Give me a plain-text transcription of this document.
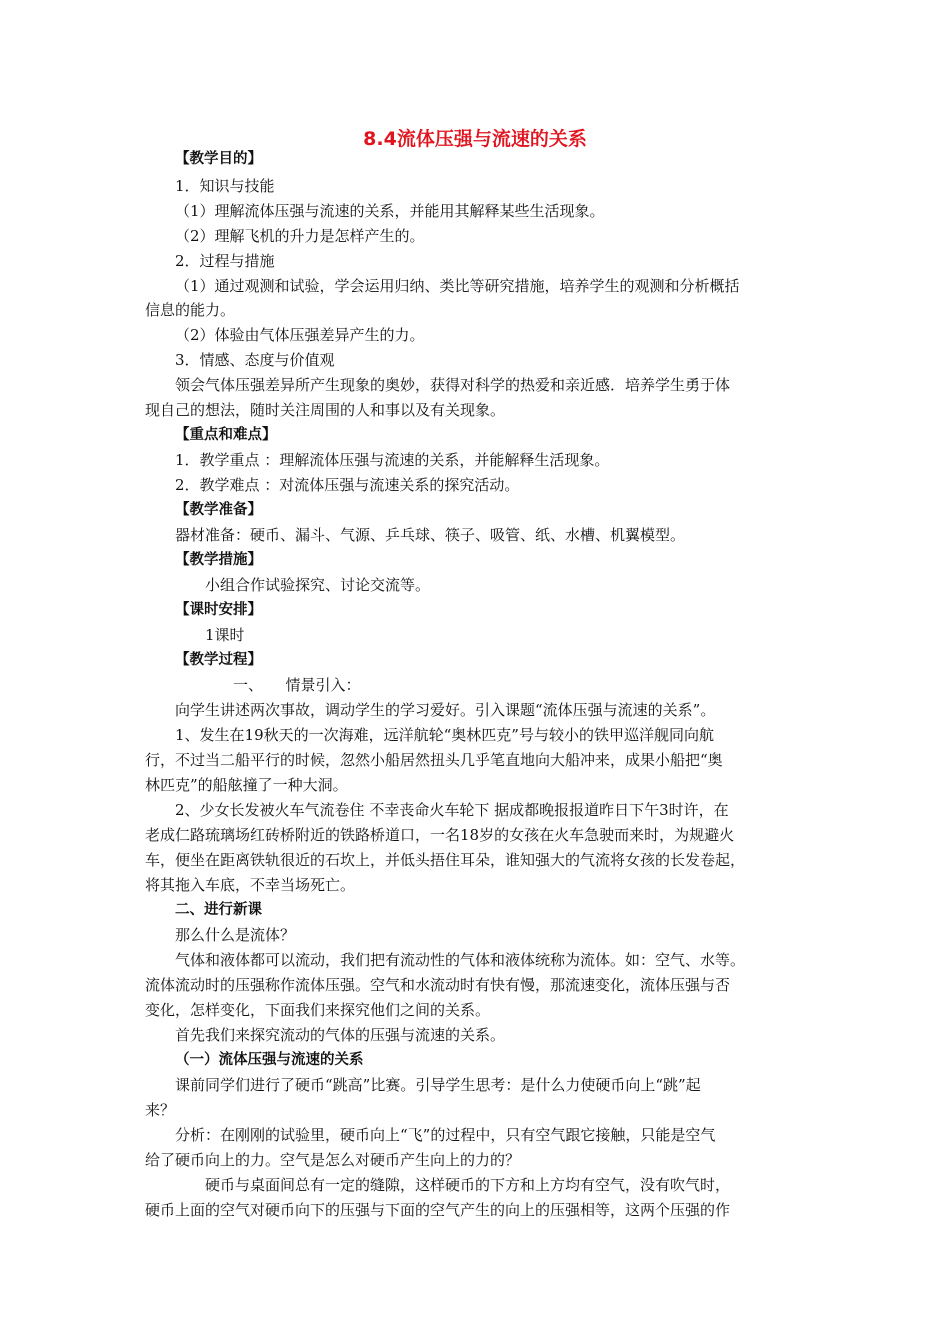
8.4流体压强与流速的关系

【教学目的】

1．知识与技能

（1）理解流体压强与流速的关系，并能用其解释某些生活现象。

（2）理解飞机的升力是怎样产生的。

2．过程与措施

（1）通过观测和试验，学会运用归纳、类比等研究措施，培养学生的观测和分析概括

信息的能力。

（2）体验由气体压强差异产生的力。

3．情感、态度与价值观

领会气体压强差异所产生现象的奥妙，获得对科学的热爱和亲近感．培养学生勇于体

现自己的想法，随时关注周围的人和事以及有关现象。

【重点和难点】

1．教学重点 ：理解流体压强与流速的关系，并能解释生活现象。

2．教学难点 ：对流体压强与流速关系的探究活动。

【教学准备】

器材准备：硬币、漏斗、气源、乒乓球、筷子、吸管、纸、水槽、机翼模型。

【教学措施】

小组合作试验探究、讨论交流等。

【课时安排】

1课时

【教学过程】

一、　　情景引入：

向学生讲述两次事故，调动学生的学习爱好。引入课题“流体压强与流速的关系”。

1、发生在19秋天的一次海难，远洋航轮“奥林匹克”号与较小的铁甲巡洋舰同向航

行，不过当二船平行的时候，忽然小船居然扭头几乎笔直地向大船冲来，成果小船把“奥

林匹克”的船舷撞了一种大洞。

2、少女长发被火车气流卷住 不幸丧命火车轮下 据成都晚报报道昨日下午3时许，在

老成仁路琉璃场红砖桥附近的铁路桥道口，一名18岁的女孩在火车急驶而来时，为规避火

车，便坐在距离铁轨很近的石坎上，并低头捂住耳朵，谁知强大的气流将女孩的长发卷起，

将其拖入车底，不幸当场死亡。

二、进行新课

那么什么是流体？

气体和液体都可以流动，我们把有流动性的气体和液体统称为流体。如：空气、水等。

流体流动时的压强称作流体压强。空气和水流动时有快有慢，那流速变化，流体压强与否

变化，怎样变化，下面我们来探究他们之间的关系。

首先我们来探究流动的气体的压强与流速的关系。

（一）流体压强与流速的关系

课前同学们进行了硬币“跳高”比赛。引导学生思考：是什么力使硬币向上“跳”起

来？

分析：在刚刚的试验里，硬币向上“飞”的过程中，只有空气跟它接触，只能是空气

给了硬币向上的力。空气是怎么对硬币产生向上的力的？

硬币与桌面间总有一定的缝隙，这样硬币的下方和上方均有空气，没有吹气时，

硬币上面的空气对硬币向下的压强与下面的空气产生的向上的压强相等，这两个压强的作
